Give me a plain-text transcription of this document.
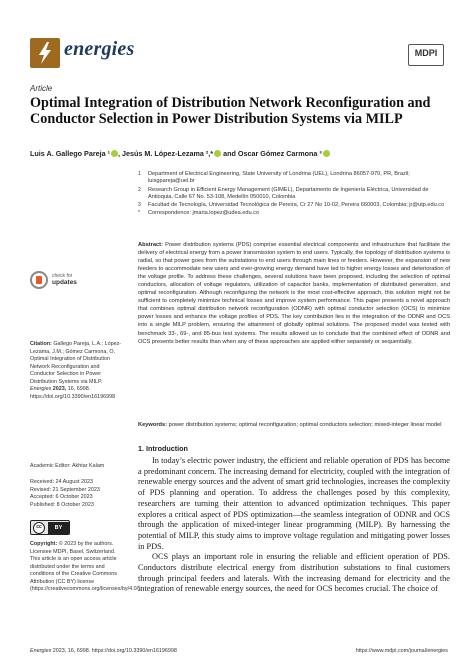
energies	MDPI
Article
Optimal Integration of Distribution Network Reconfiguration and Conductor Selection in Power Distribution Systems via MILP
Luis A. Gallego Pareja ¹ , Jesús M. López-Lezama ²,* and Oscar Gómez Carmona ³
1 Department of Electrical Engineering, State University of Londrina (UEL), Londrina 86057-970, PR, Brazil; luisgpareja@uel.br
2 Research Group in Efficient Energy Management (GIMEL), Departamento de Ingeniería Eléctrica, Universidad de Antioquia, Calle 67 No. 53-108, Medellín 050010, Colombia
3 Facultad de Tecnología, Universidad Tecnológica de Pereira, Cr 27 No 10-02, Pereira 660003, Colombia; jr@utp.edu.co
* Correspondence: jmaria.lopez@udea.edu.co
Abstract: Power distribution systems (PDS) comprise essential electrical components and infrastructure that facilitate the delivery of electrical energy from a power transmission system to end users. Typically, the topology of distribution systems is radial, so that power goes from the substations to end users through main lines or feeders. However, the expansion of new feeders to accommodate new users and ever-growing energy demand have led to higher energy losses and deterioration of the voltage profile. To address these challenges, several solutions have been proposed, including the selection of optimal conductors, allocation of voltage regulators, utilization of capacitor banks, implementation of distributed generation, and optimal reconfiguration. Although reconfiguring the network is the most cost-effective approach, this solution might not be sufficient to completely minimize technical losses and improve system performance. This paper presents a novel approach that combines optimal distribution network reconfiguration (ODNR) with optimal conductor selection (OCS) to minimize power losses and enhance the voltage profiles of PDS. The key contribution lies in the integration of the ODNR and OCS into a single MILP problem, ensuring the attainment of globally optimal solutions. The proposed model was tested with benchmark 33-, 69-, and 85-bus test systems. The results allowed us to conclude that the combined effect of ODNR and OCS presents better results than when any of these approaches are applied either separately or sequentially.
Keywords: power distribution systems; optimal reconfiguration; optimal conductors selection; mixed-integer linear model
check for
updates
Citation: Gallego Pareja, L.A.; López-Lezama, J.M.; Gómez Carmona, O. Optimal Integration of Distribution Network Reconfiguration and Conductor Selection in Power Distribution Systems via MILP. Energies 2023, 16, 6998. https://doi.org/10.3390/en16196998
Academic Editor: Akhtar Kalam
Received: 24 August 2023
Revised: 21 September 2023
Accepted: 6 October 2023
Published: 8 October 2023
cc	BY
Copyright: © 2023 by the authors. Licensee MDPI, Basel, Switzerland. This article is an open access article distributed under the terms and conditions of the Creative Commons Attribution (CC BY) license (https://creativecommons.org/licenses/by/4.0/).
1. Introduction

In today’s electric power industry, the efficient and reliable operation of PDS has become a predominant concern. The increasing demand for electricity, coupled with the integration of renewable energy sources and the advent of smart grid technologies, increases the complexity of PDS planning and operation. To address the challenges posed by this complexity, researchers are turning their attention to advanced optimization techniques. This paper explores a critical aspect of PDS optimization—the seamless integration of ODNR and OCS through the application of mixed-integer linear programming (MILP). By harnessing the potential of MILP, this study aims to improve voltage regulation and mitigating power losses in PDS.

OCS plays an important role in ensuring the reliable and efficient operation of PDS. Conductors distribute electrical energy from distribution substations to final customers through principal feeders and laterals. With the increasing demand for electricity and the integration of renewable energy sources, the need for OCS becomes crucial. The choice of

Energies 2023, 16, 6998. https://doi.org/10.3390/en16196998	https://www.mdpi.com/journal/energies
